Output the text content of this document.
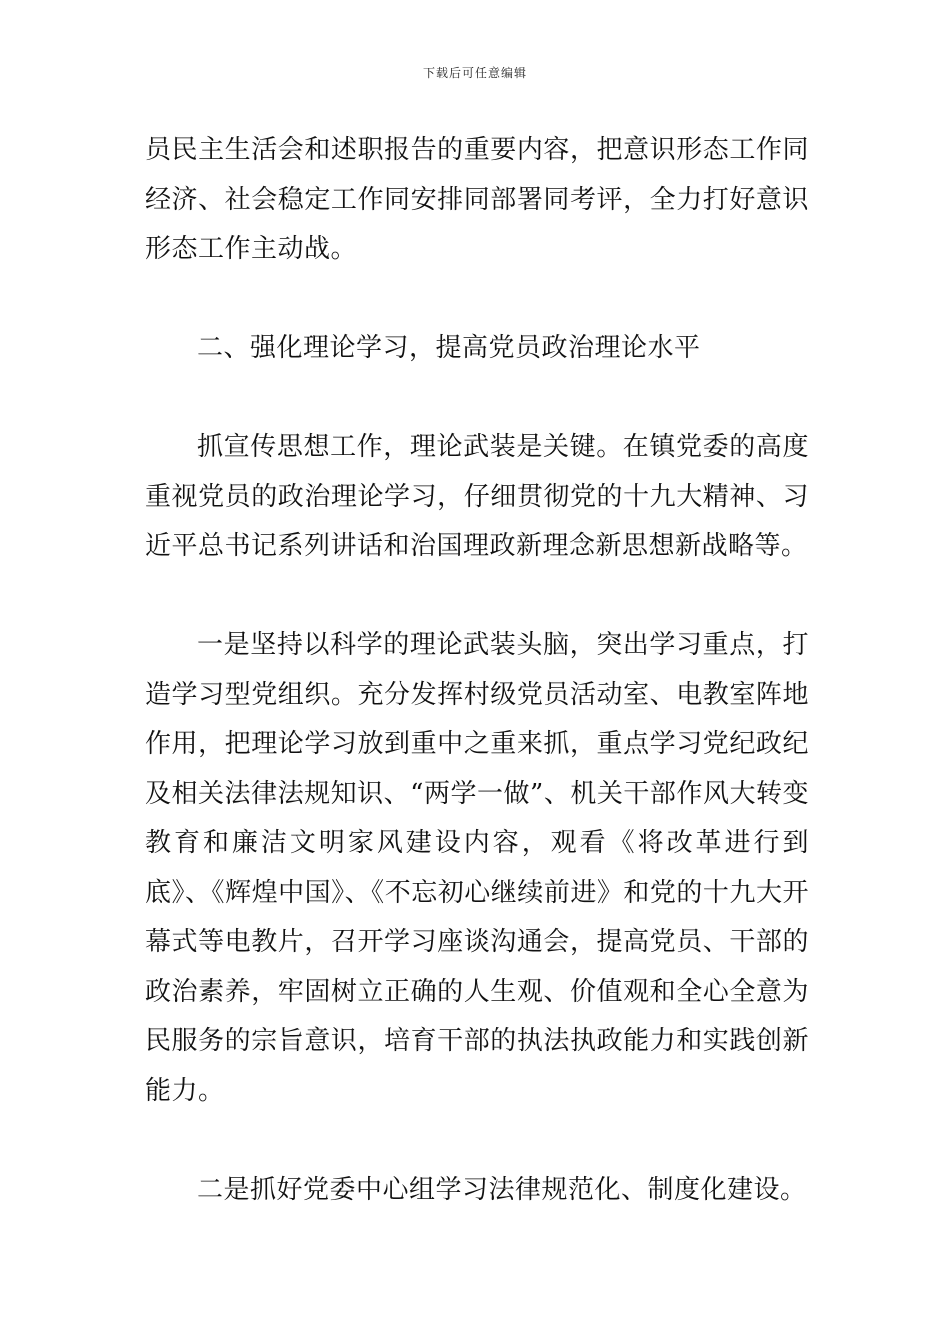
下载后可任意编辑

员民主生活会和述职报告的重要内容，把意识形态工作同经济、社会稳定工作同安排同部署同考评，全力打好意识形态工作主动战。

二、强化理论学习，提高党员政治理论水平

抓宣传思想工作，理论武装是关键。在镇党委的高度重视党员的政治理论学习，仔细贯彻党的十九大精神、习近平总书记系列讲话和治国理政新理念新思想新战略等。

一是坚持以科学的理论武装头脑，突出学习重点，打造学习型党组织。充分发挥村级党员活动室、电教室阵地作用，把理论学习放到重中之重来抓，重点学习党纪政纪及相关法律法规知识、“两学一做”、机关干部作风大转变教育和廉洁文明家风建设内容，观看《将改革进行到底》、《辉煌中国》、《不忘初心继续前进》和党的十九大开幕式等电教片，召开学习座谈沟通会，提高党员、干部的政治素养，牢固树立正确的人生观、价值观和全心全意为民服务的宗旨意识，培育干部的执法执政能力和实践创新能力。

二是抓好党委中心组学习法律规范化、制度化建设。
